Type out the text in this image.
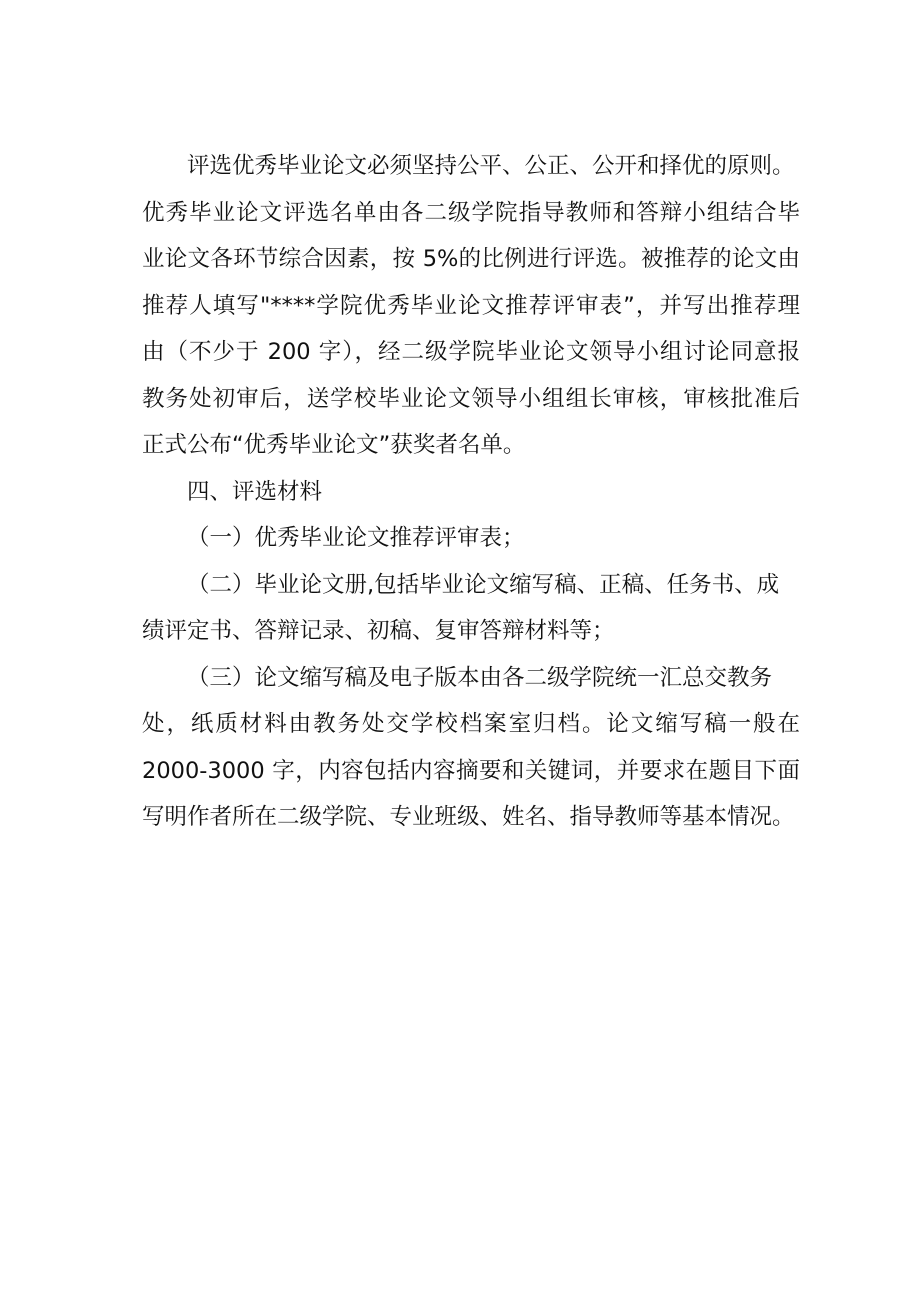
评选优秀毕业论文必须坚持公平、公正、公开和择优的原则。
优秀毕业论文评选名单由各二级学院指导教师和答辩小组结合毕
业论文各环节综合因素，按 5%的比例进行评选。被推荐的论文由
推荐人填写"****学院优秀毕业论文推荐评审表”，并写出推荐理
由（不少于 200 字），经二级学院毕业论文领导小组讨论同意报
教务处初审后，送学校毕业论文领导小组组长审核，审核批准后
正式公布“优秀毕业论文”获奖者名单。
四、评选材料
（一）优秀毕业论文推荐评审表；
（二）毕业论文册,包括毕业论文缩写稿、正稿、任务书、成
绩评定书、答辩记录、初稿、复审答辩材料等；
（三）论文缩写稿及电子版本由各二级学院统一汇总交教务
处，纸质材料由教务处交学校档案室归档。论文缩写稿一般在
2000-3000 字，内容包括内容摘要和关键词，并要求在题目下面
写明作者所在二级学院、专业班级、姓名、指导教师等基本情况。
